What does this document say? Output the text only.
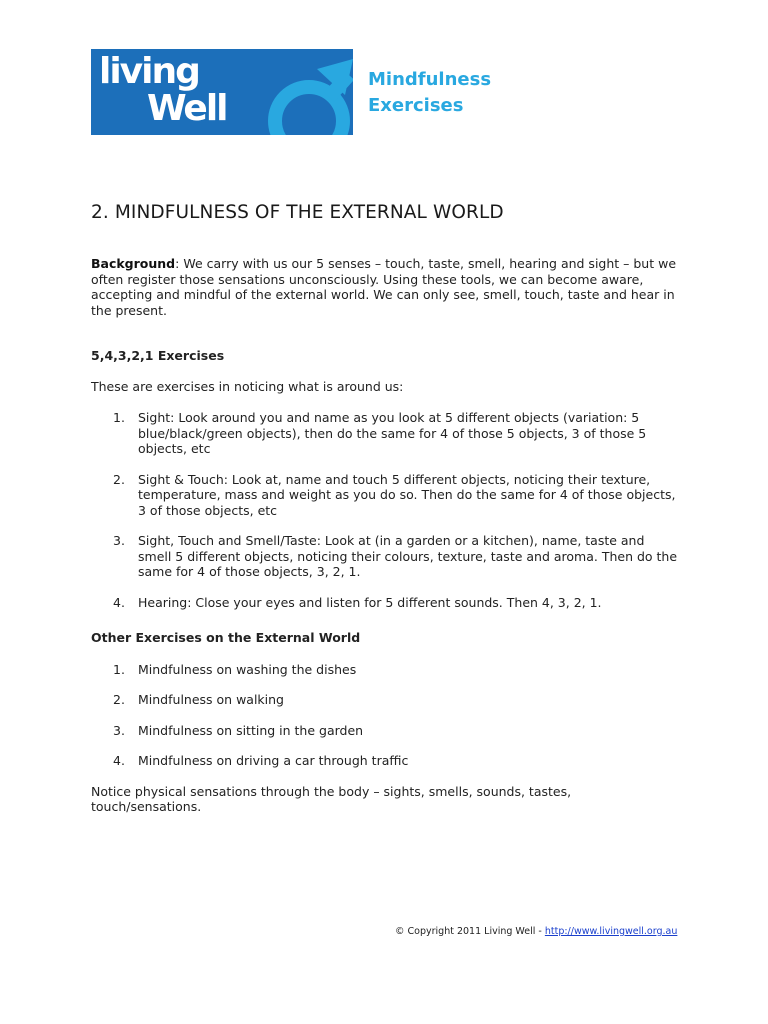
living
Well
Mindfulness
Exercises
2. MINDFULNESS OF THE EXTERNAL WORLD

Background: We carry with us our 5 senses – touch, taste, smell, hearing and sight – but we often register those sensations unconsciously. Using these tools, we can become aware, accepting and mindful of the external world. We can only see, smell, touch, taste and hear in the present.

5,4,3,2,1 Exercises

These are exercises in noticing what is around us:

1. Sight: Look around you and name as you look at 5 different objects (variation: 5 blue/black/green objects), then do the same for 4 of those 5 objects, 3 of those 5 objects, etc
2. Sight & Touch: Look at, name and touch 5 different objects, noticing their texture, temperature, mass and weight as you do so. Then do the same for 4 of those objects, 3 of those objects, etc
3. Sight, Touch and Smell/Taste: Look at (in a garden or a kitchen), name, taste and smell 5 different objects, noticing their colours, texture, taste and aroma. Then do the same for 4 of those objects, 3, 2, 1.
4. Hearing: Close your eyes and listen for 5 different sounds. Then 4, 3, 2, 1.

Other Exercises on the External World

1. Mindfulness on washing the dishes
2. Mindfulness on walking
3. Mindfulness on sitting in the garden
4. Mindfulness on driving a car through traffic

Notice physical sensations through the body – sights, smells, sounds, tastes, touch/sensations.

© Copyright 2011 Living Well - http://www.livingwell.org.au
